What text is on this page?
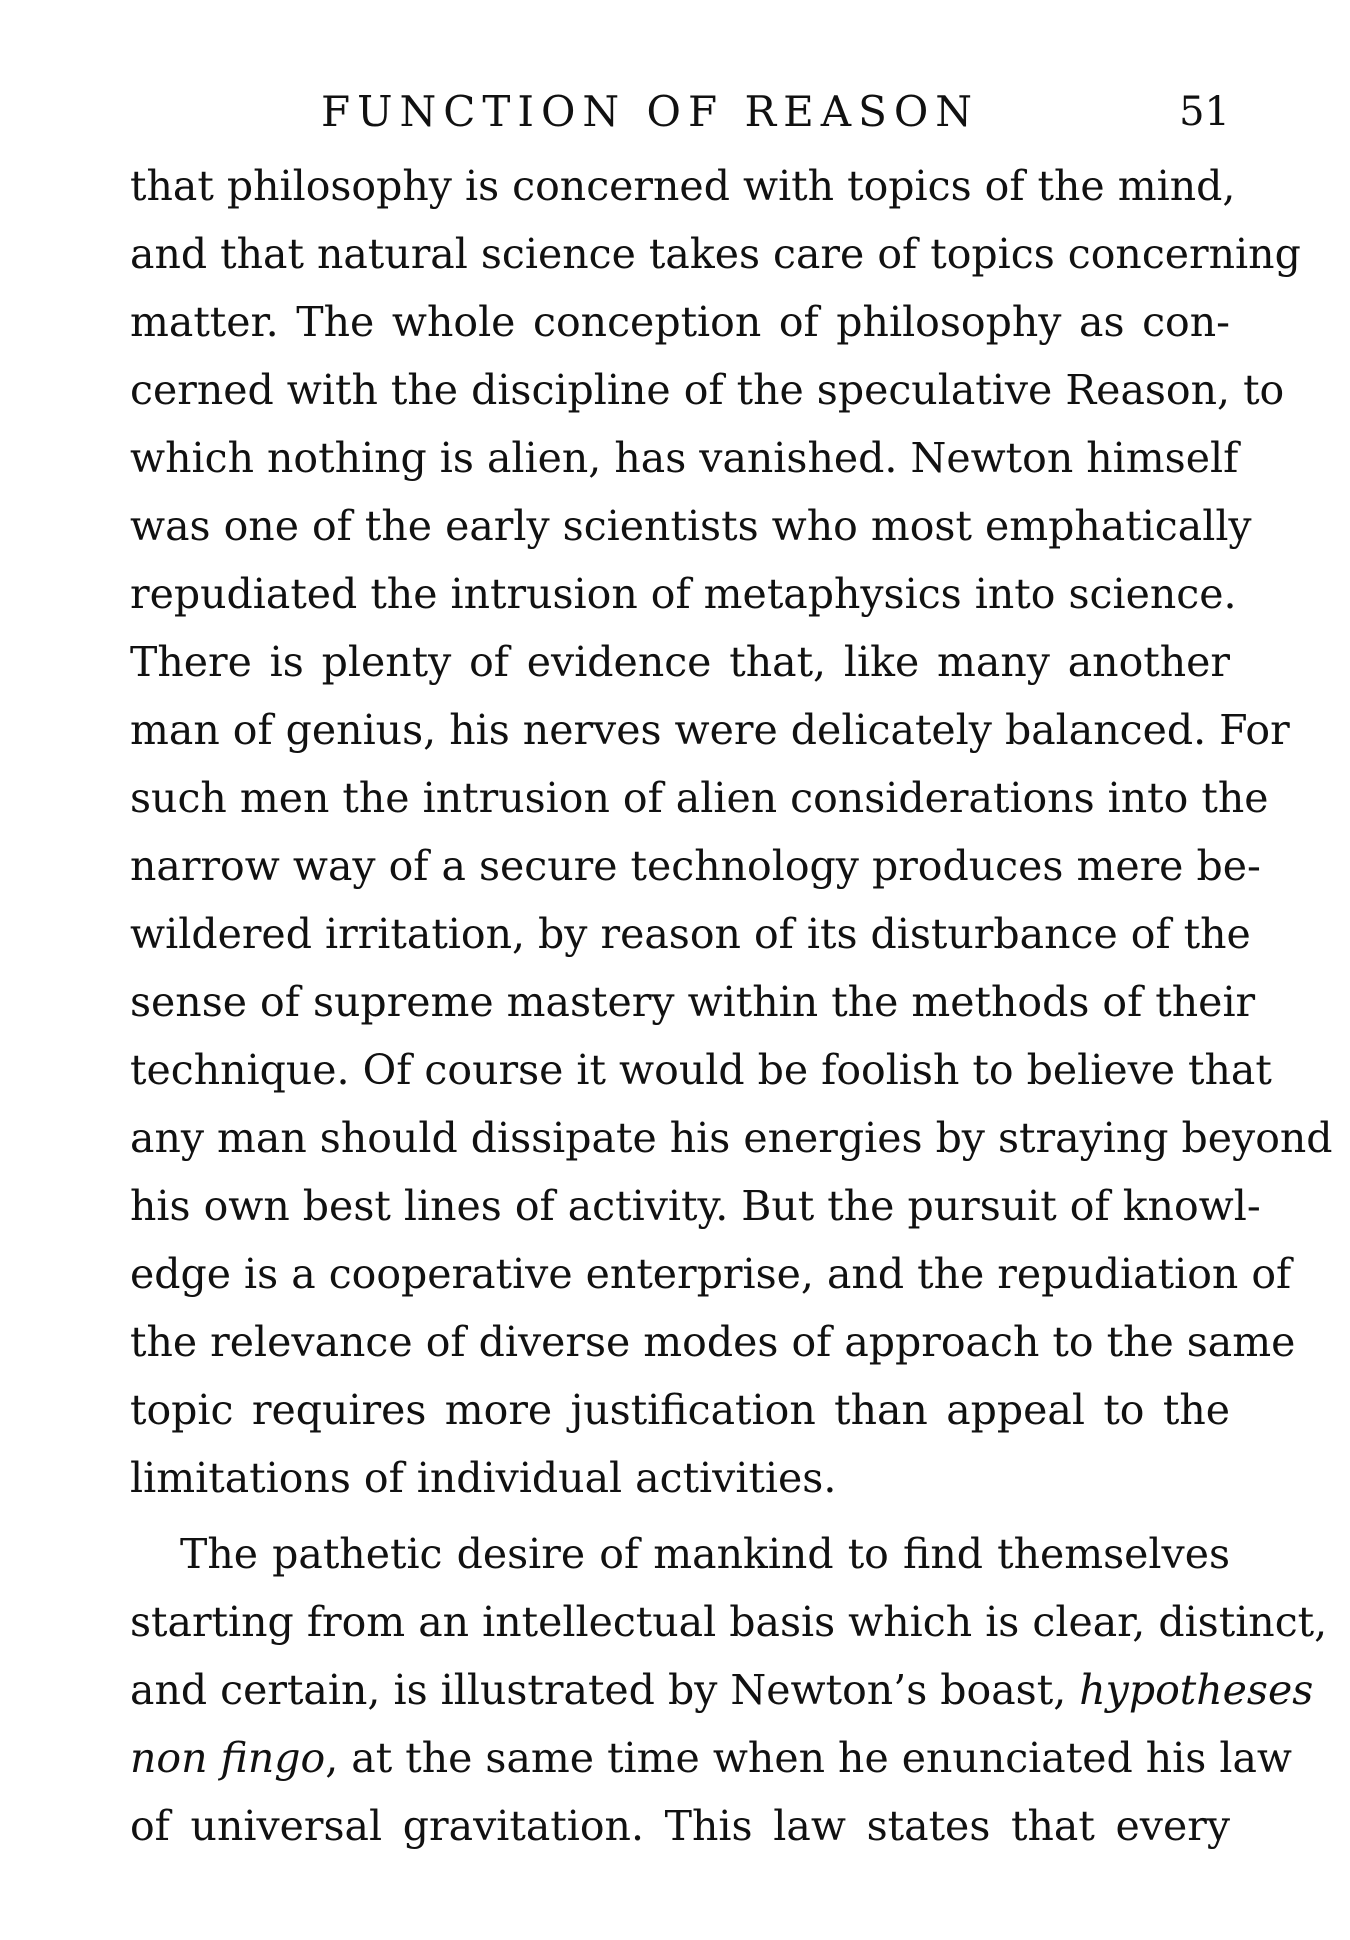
FUNCTION OF REASON	51
that philosophy is concerned with topics of the mind,
and that natural science takes care of topics concerning
matter. The whole conception of philosophy as con-
cerned with the discipline of the speculative Reason, to
which nothing is alien, has vanished. Newton himself
was one of the early scientists who most emphatically
repudiated the intrusion of metaphysics into science.
There is plenty of evidence that, like many another
man of genius, his nerves were delicately balanced. For
such men the intrusion of alien considerations into the
narrow way of a secure technology produces mere be-
wildered irritation, by reason of its disturbance of the
sense of supreme mastery within the methods of their
technique. Of course it would be foolish to believe that
any man should dissipate his energies by straying beyond
his own best lines of activity. But the pursuit of knowl-
edge is a cooperative enterprise, and the repudiation of
the relevance of diverse modes of approach to the same
topic requires more justification than appeal to the
limitations of individual activities.
The pathetic desire of mankind to find themselves
starting from an intellectual basis which is clear, distinct,
and certain, is illustrated by Newton’s boast, hypotheses
non fingo, at the same time when he enunciated his law
of universal gravitation. This law states that every
